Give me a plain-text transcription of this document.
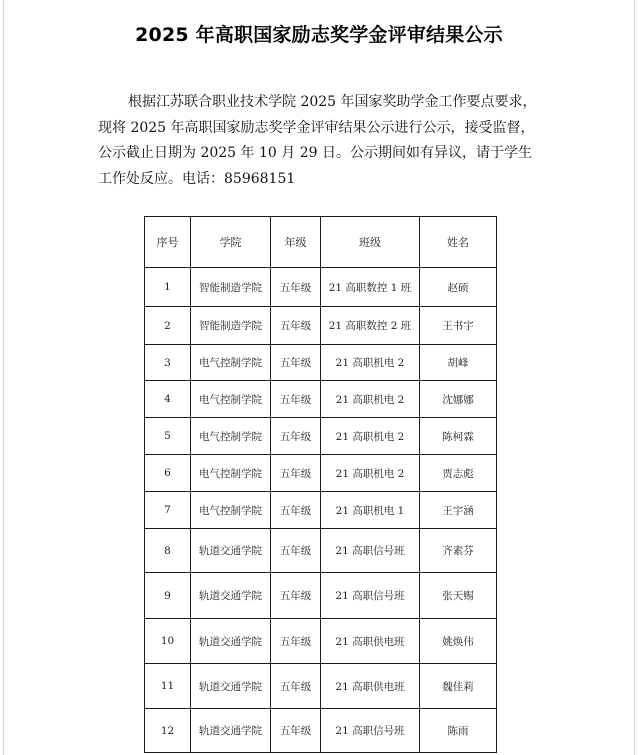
2025 年高职国家励志奖学金评审结果公示

根据江苏联合职业技术学院 2025 年国家奖助学金工作要点要求，

现将 2025 年高职国家励志奖学金评审结果公示进行公示，接受监督，

公示截止日期为 2025 年 10 月 29 日。公示期间如有异议，请于学生

工作处反应。电话：85968151

序号	学院	年级	班级	姓名
1	智能制造学院	五年级	21 高职数控 1 班	赵硕
2	智能制造学院	五年级	21 高职数控 2 班	王书宇
3	电气控制学院	五年级	21 高职机电 2	胡峰
4	电气控制学院	五年级	21 高职机电 2	沈娜娜
5	电气控制学院	五年级	21 高职机电 2	陈柯霖
6	电气控制学院	五年级	21 高职机电 2	贾志彪
7	电气控制学院	五年级	21 高职机电 1	王宇涵
8	轨道交通学院	五年级	21 高职信号班	齐素芬
9	轨道交通学院	五年级	21 高职信号班	张天赐
10	轨道交通学院	五年级	21 高职供电班	姚焕伟
11	轨道交通学院	五年级	21 高职供电班	魏佳莉
12	轨道交通学院	五年级	21 高职信号班	陈雨
